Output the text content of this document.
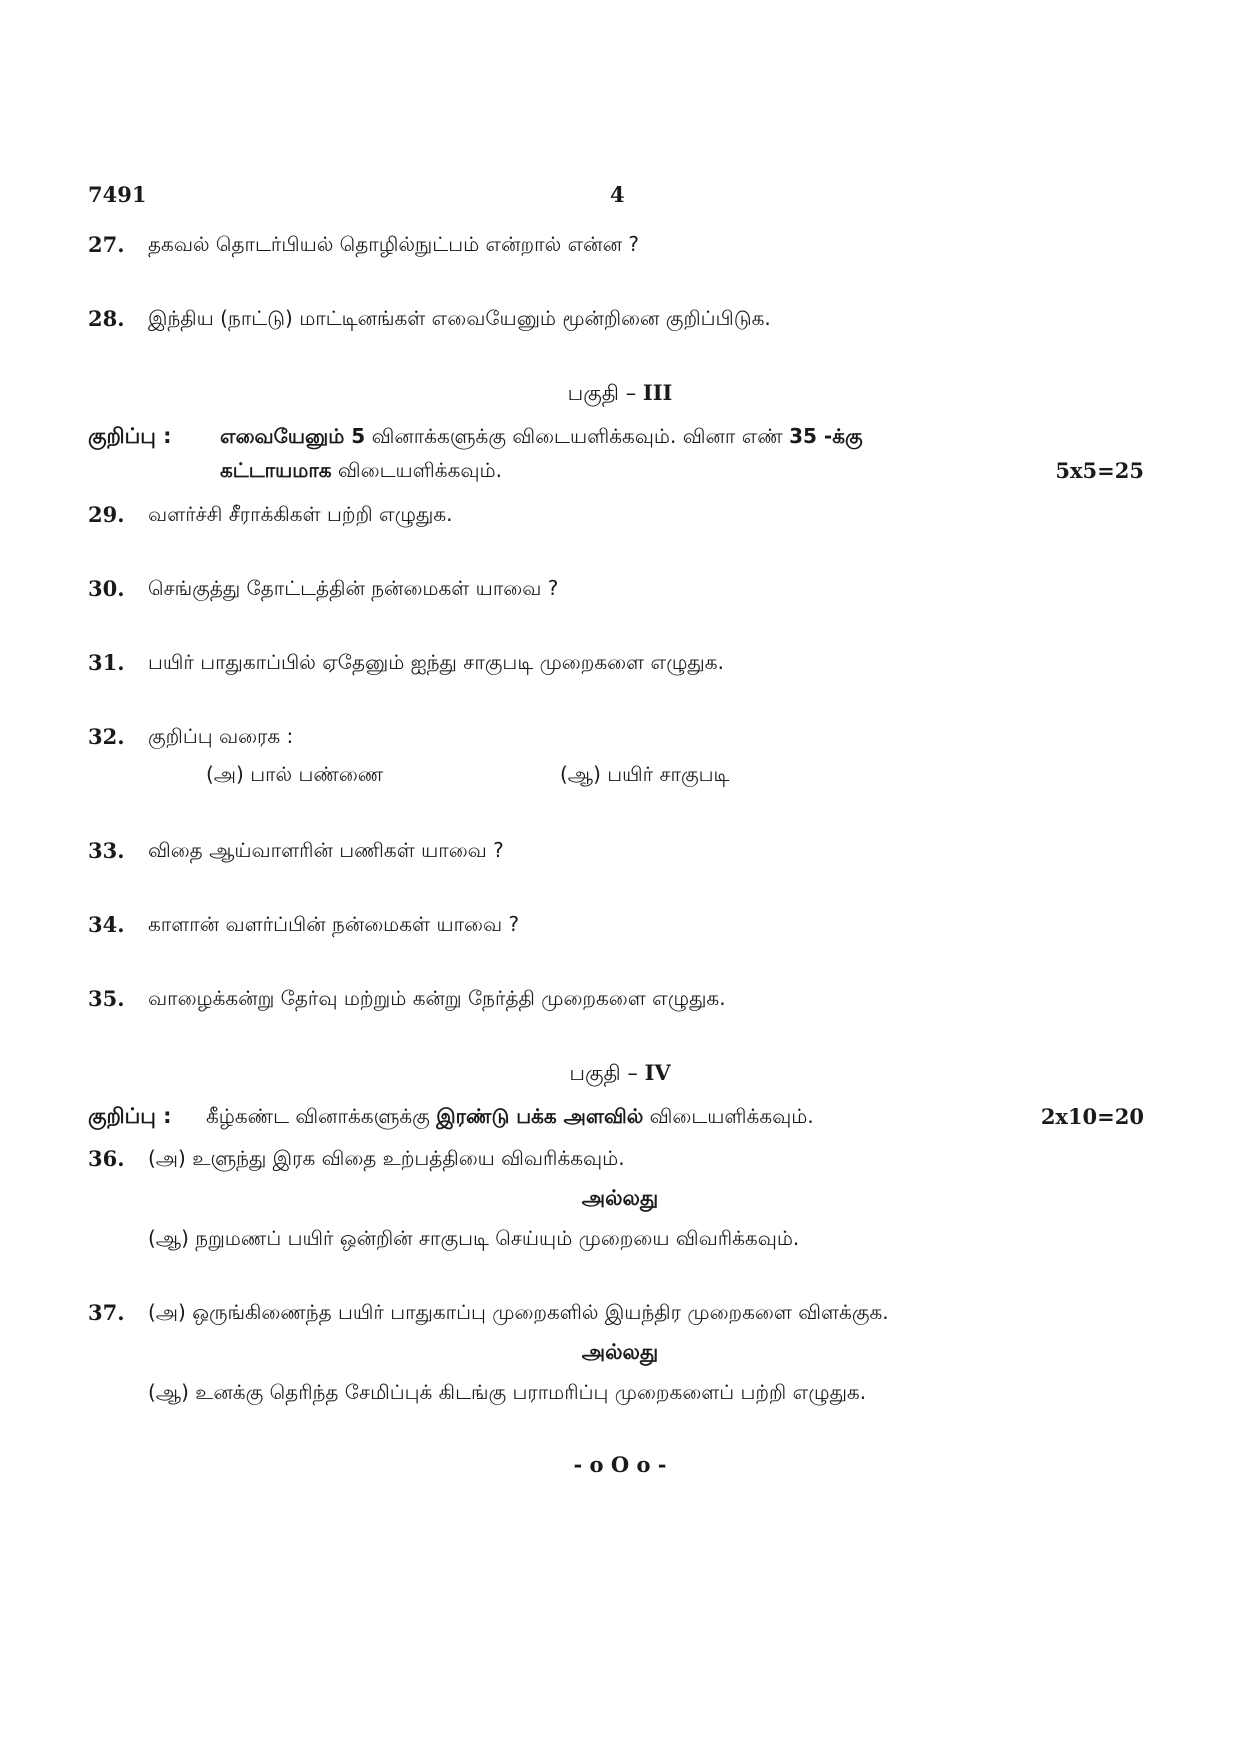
7491	4
27. தகவல் தொடர்பியல் தொழில்நுட்பம் என்றால் என்ன ?
28. இந்திய (நாட்டு) மாட்டினங்கள் எவையேனும் மூன்றினை குறிப்பிடுக.
பகுதி – III
குறிப்பு : எவையேனும் 5 வினாக்களுக்கு விடையளிக்கவும். வினா எண் 35 -க்கு
கட்டாயமாக விடையளிக்கவும்.	5x5=25
29. வளர்ச்சி சீராக்கிகள் பற்றி எழுதுக.
30. செங்குத்து தோட்டத்தின் நன்மைகள் யாவை ?
31. பயிர் பாதுகாப்பில் ஏதேனும் ஐந்து சாகுபடி முறைகளை எழுதுக.
32. குறிப்பு வரைக :
(அ) பால் பண்ணை	(ஆ) பயிர் சாகுபடி
33. விதை ஆய்வாளரின் பணிகள் யாவை ?
34. காளான் வளர்ப்பின் நன்மைகள் யாவை ?
35. வாழைக்கன்று தேர்வு மற்றும் கன்று நேர்த்தி முறைகளை எழுதுக.
பகுதி – IV
குறிப்பு : கீழ்கண்ட வினாக்களுக்கு இரண்டு பக்க அளவில் விடையளிக்கவும்.	2x10=20
36. (அ) உளுந்து இரக விதை உற்பத்தியை விவரிக்கவும்.
அல்லது
(ஆ) நறுமணப் பயிர் ஒன்றின் சாகுபடி செய்யும் முறையை விவரிக்கவும்.
37. (அ) ஒருங்கிணைந்த பயிர் பாதுகாப்பு முறைகளில் இயந்திர முறைகளை விளக்குக.
அல்லது
(ஆ) உனக்கு தெரிந்த சேமிப்புக் கிடங்கு பராமரிப்பு முறைகளைப் பற்றி எழுதுக.
- o O o -
